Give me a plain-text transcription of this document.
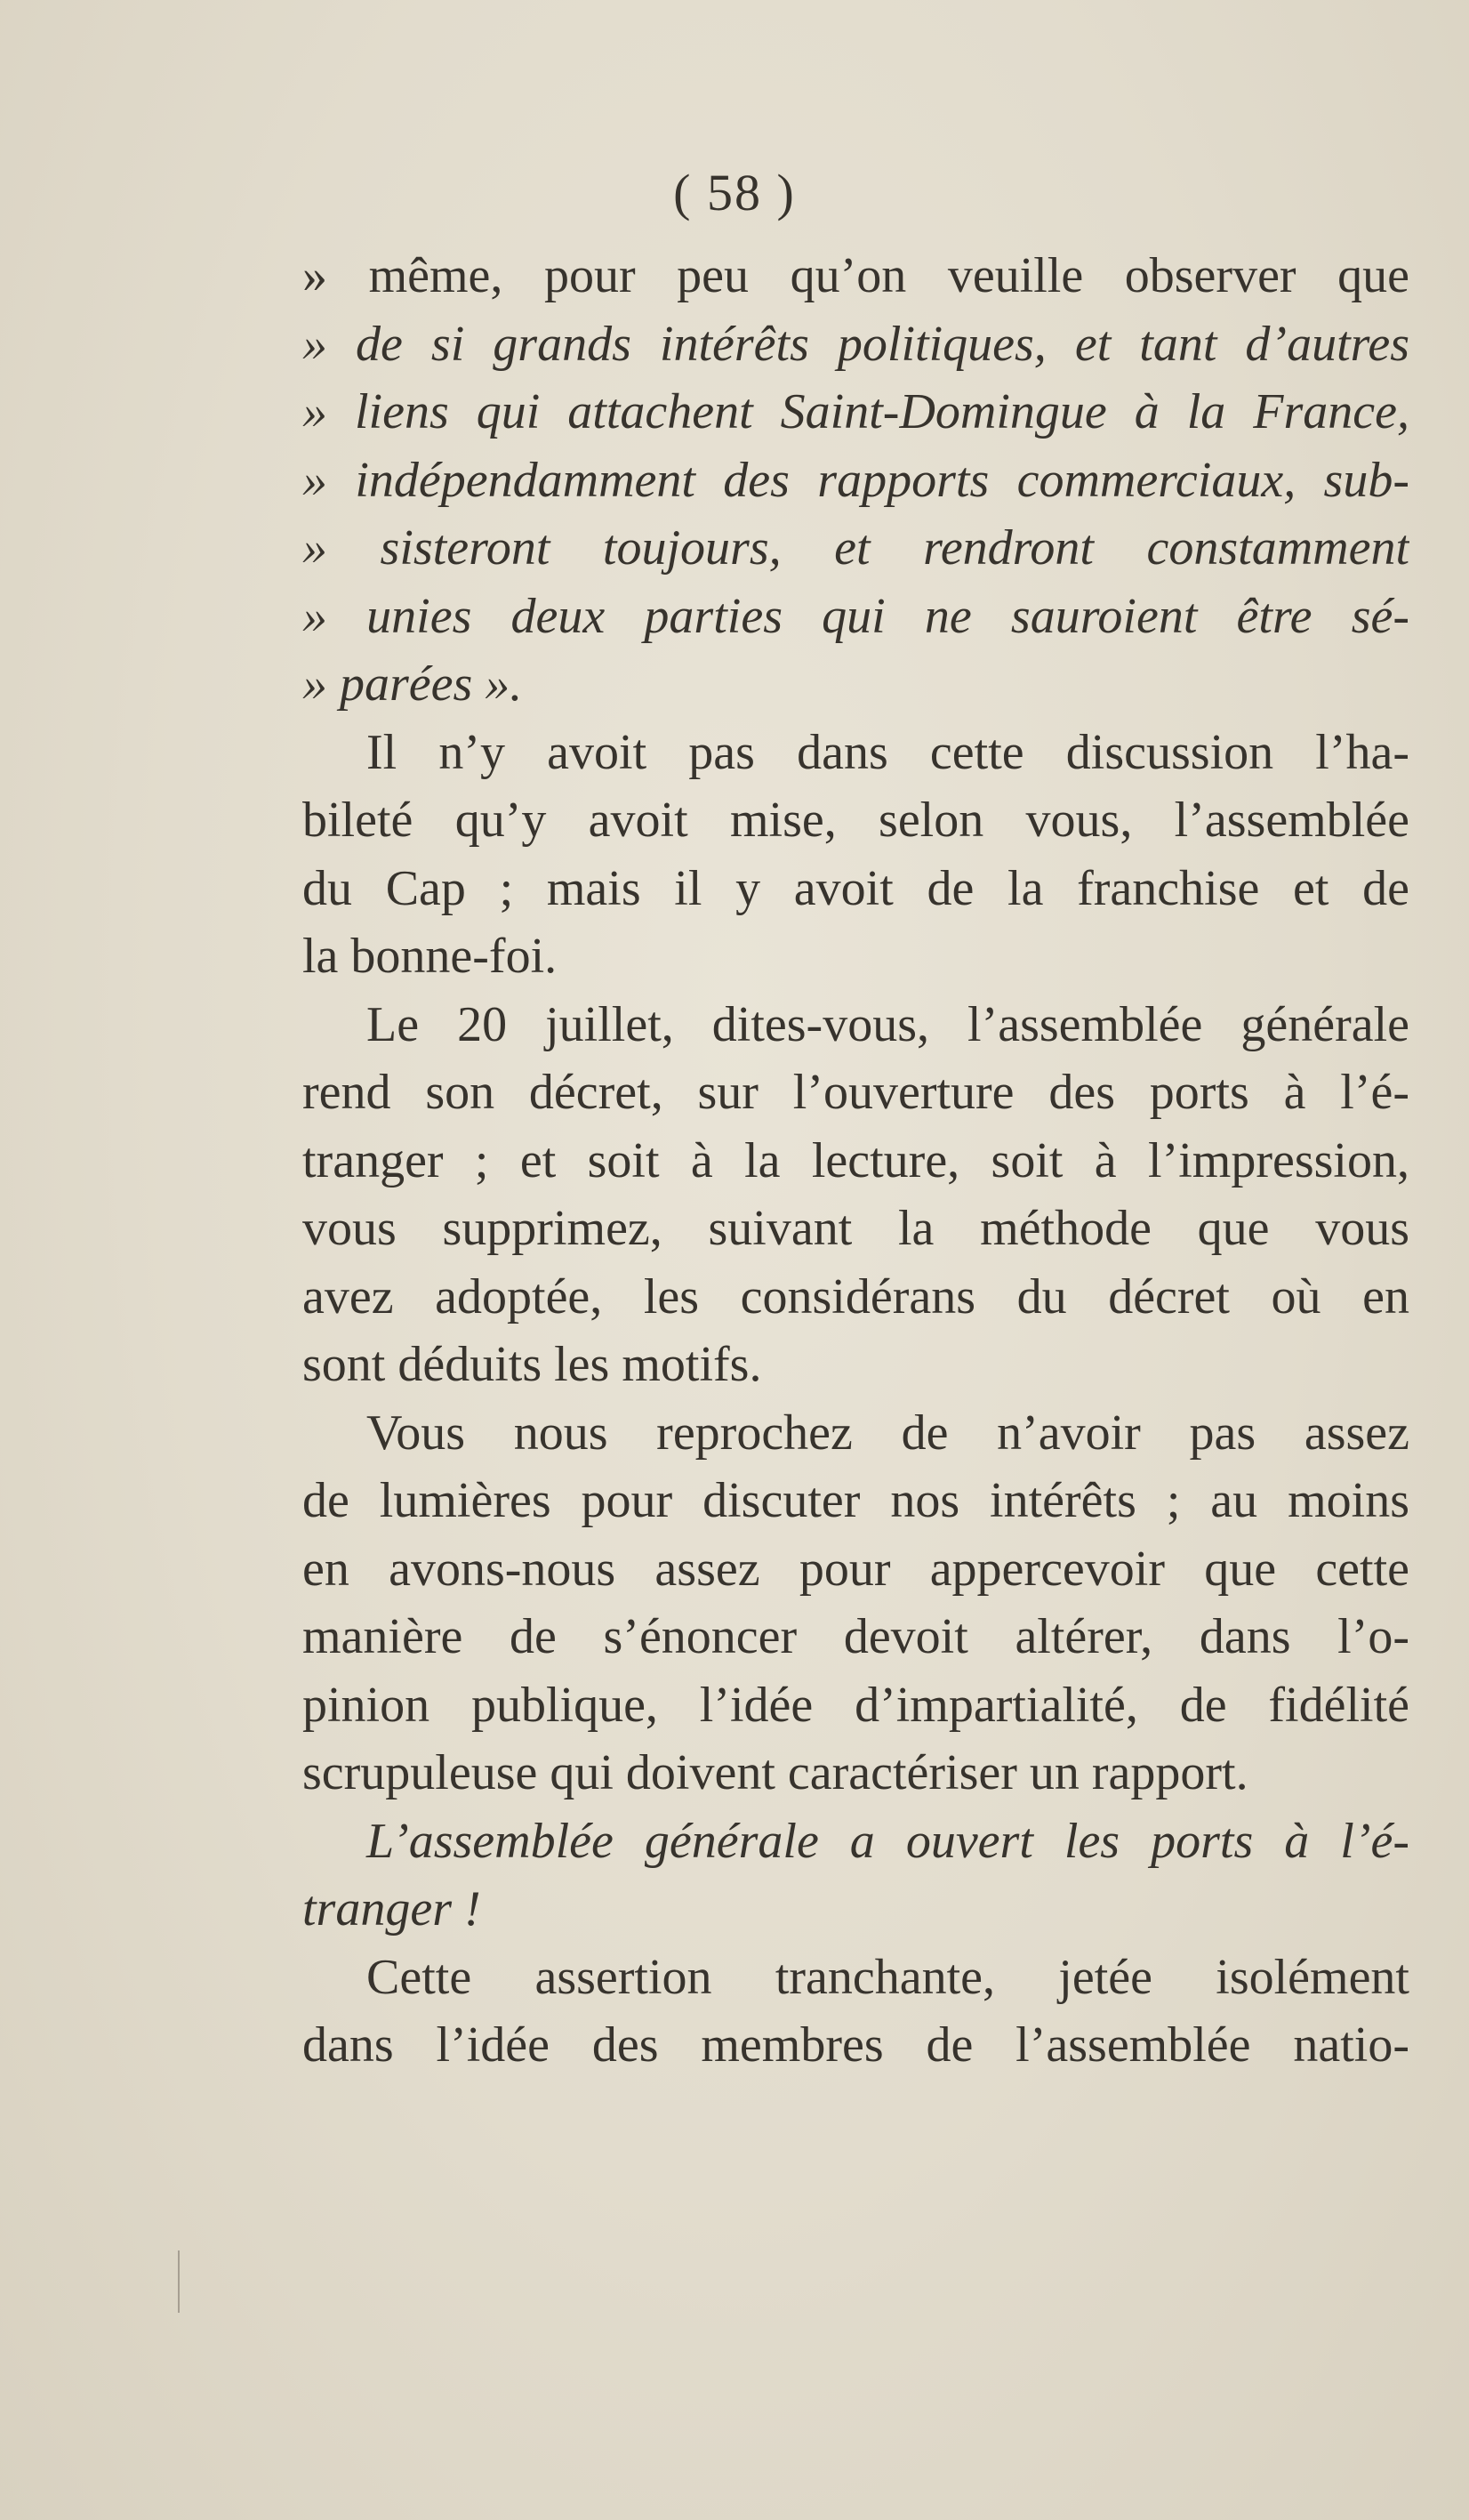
( 58 )
» même, pour peu qu’on veuille observer que
» de si grands intérêts politiques, et tant d’autres
» liens qui attachent Saint-Domingue à la France,
» indépendamment des rapports commerciaux, sub-
» sisteront toujours, et rendront constamment
» unies deux parties qui ne sauroient être sé-
» parées ».
Il n’y avoit pas dans cette discussion l’ha-
bileté qu’y avoit mise, selon vous, l’assemblée
du Cap ; mais il y avoit de la franchise et de
la bonne-foi.
Le 20 juillet, dites-vous, l’assemblée générale
rend son décret, sur l’ouverture des ports à l’é-
tranger ; et soit à la lecture, soit à l’impression,
vous supprimez, suivant la méthode que vous
avez adoptée, les considérans du décret où en
sont déduits les motifs.
Vous nous reprochez de n’avoir pas assez
de lumières pour discuter nos intérêts ; au moins
en avons-nous assez pour appercevoir que cette
manière de s’énoncer devoit altérer, dans l’o-
pinion publique, l’idée d’impartialité, de fidélité
scrupuleuse qui doivent caractériser un rapport.
L’assemblée générale a ouvert les ports à l’é-
tranger !
Cette assertion tranchante, jetée isolément
dans l’idée des membres de l’assemblée natio-
